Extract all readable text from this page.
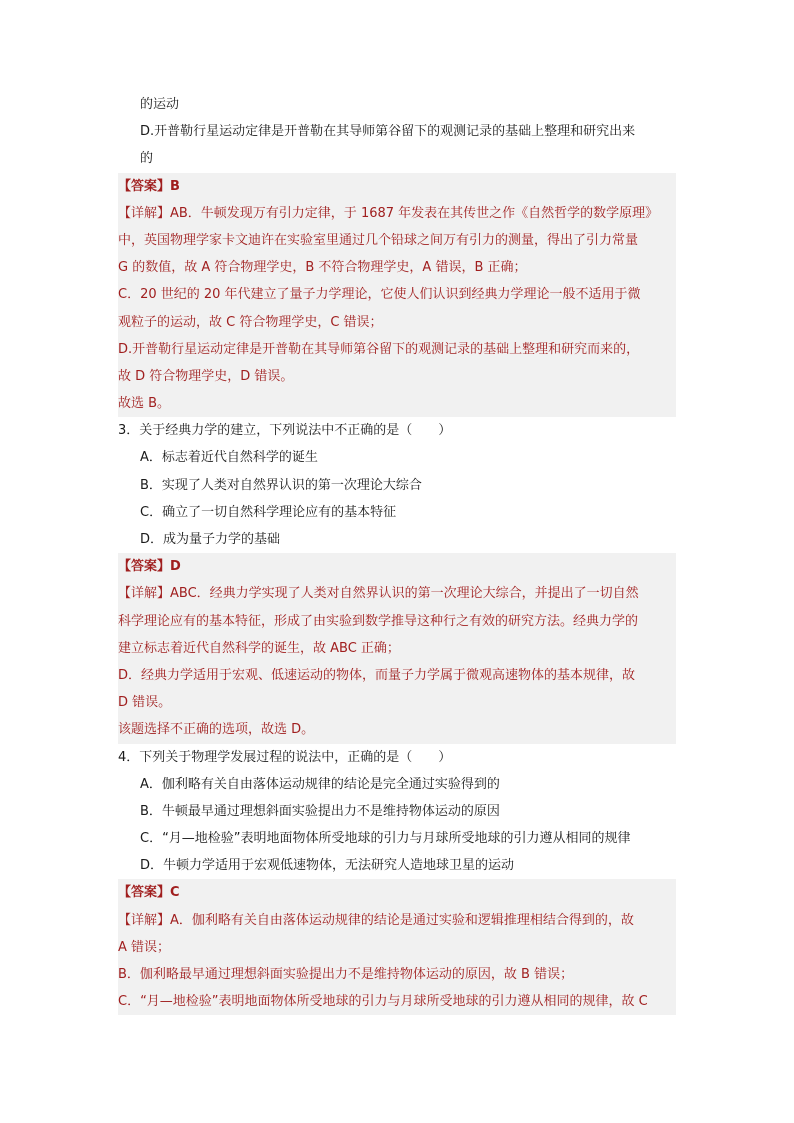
的运动
D.开普勒行星运动定律是开普勒在其导师第谷留下的观测记录的基础上整理和研究出来
的
【答案】B
【详解】AB．牛顿发现万有引力定律，于 1687 年发表在其传世之作《自然哲学的数学原理》
中，英国物理学家卡文迪许在实验室里通过几个铅球之间万有引力的测量，得出了引力常量
G 的数值，故 A 符合物理学史，B 不符合物理学史，A 错误，B 正确；
C．20 世纪的 20 年代建立了量子力学理论，它使人们认识到经典力学理论一般不适用于微
观粒子的运动，故 C 符合物理学史，C 错误；
D.开普勒行星运动定律是开普勒在其导师第谷留下的观测记录的基础上整理和研究而来的，
故 D 符合物理学史，D 错误。
故选 B。
3．关于经典力学的建立，下列说法中不正确的是（　　）
A．标志着近代自然科学的诞生
B．实现了人类对自然界认识的第一次理论大综合
C．确立了一切自然科学理论应有的基本特征
D．成为量子力学的基础
【答案】D
【详解】ABC．经典力学实现了人类对自然界认识的第一次理论大综合，并提出了一切自然
科学理论应有的基本特征，形成了由实验到数学推导这种行之有效的研究方法。经典力学的
建立标志着近代自然科学的诞生，故 ABC 正确；
D．经典力学适用于宏观、低速运动的物体，而量子力学属于微观高速物体的基本规律，故
D 错误。
该题选择不正确的选项，故选 D。
4．下列关于物理学发展过程的说法中，正确的是（　　）
A．伽利略有关自由落体运动规律的结论是完全通过实验得到的
B．牛顿最早通过理想斜面实验提出力不是维持物体运动的原因
C．“月—地检验”表明地面物体所受地球的引力与月球所受地球的引力遵从相同的规律
D．牛顿力学适用于宏观低速物体，无法研究人造地球卫星的运动
【答案】C
【详解】A．伽利略有关自由落体运动规律的结论是通过实验和逻辑推理相结合得到的，故
A 错误；
B．伽利略最早通过理想斜面实验提出力不是维持物体运动的原因，故 B 错误；
C．“月—地检验”表明地面物体所受地球的引力与月球所受地球的引力遵从相同的规律，故 C
